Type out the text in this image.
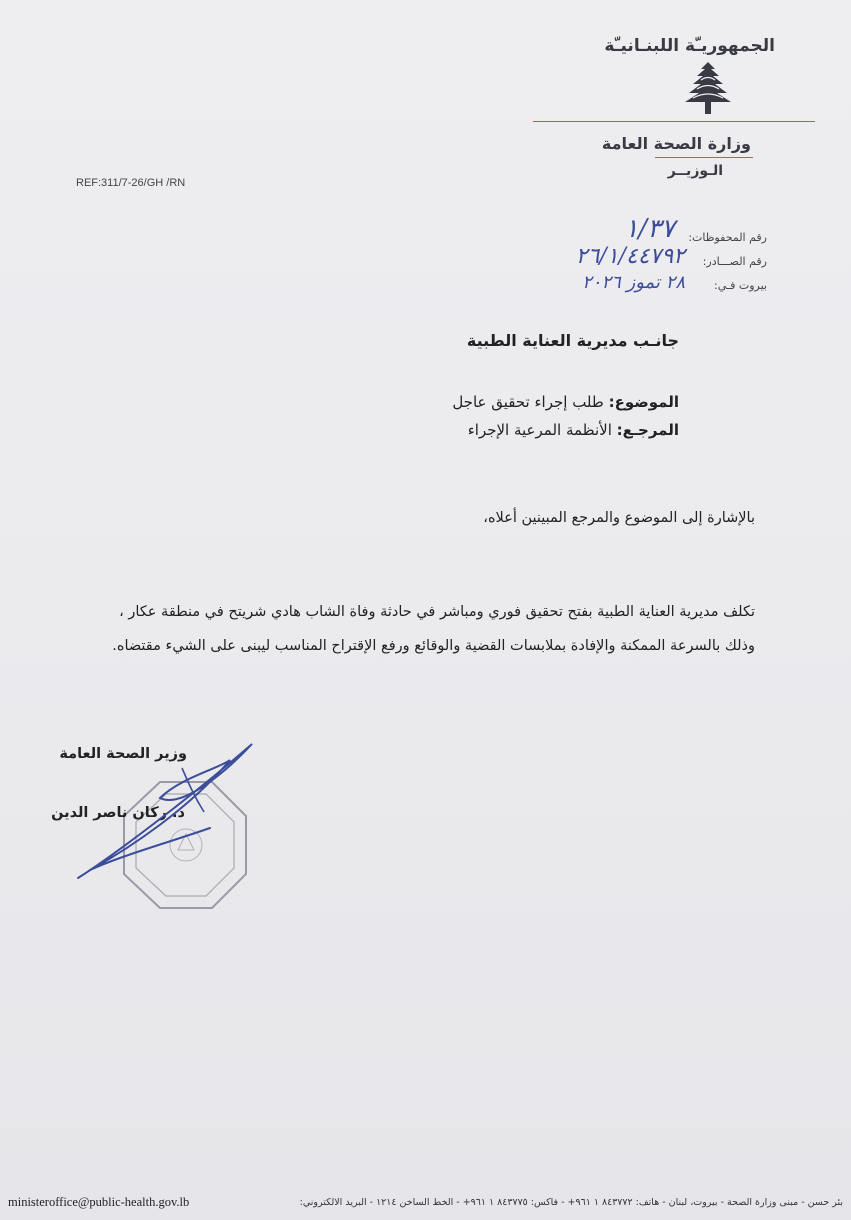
الجمهوريـّة اللبنـانيـّة
وزارة الصحة العامة
الـوزيــر
REF:311/7-26/GH /RN
رقم المحفوظات:
١/٣٧
رقم الصـــادر:
٢٦/١/٤٤٧٩٢
بيروت فـي:
٢٨ تموز ٢٠٢٦
جانـب مديرية العناية الطبية
الموضوع: طلب إجراء تحقيق عاجل
المرجـع: الأنظمة المرعية الإجراء
بالإشارة إلى الموضوع والمرجع المبينين أعلاه،
تكلف مديرية العناية الطبية بفتح تحقيق فوري ومباشر في حادثة وفاة الشاب هادي شريتح في منطقة عكار ،
وذلك بالسرعة الممكنة والإفادة بملابسات القضية والوقائع ورفع الإقتراح المناسب ليبنى على الشيء مقتضاه.
وزير الصحة العامة
د. ركان ناصر الدين
ministeroffice@public-health.gov.lb	بئر حسن - مبنى وزارة الصحة - بيروت، لبنان - هاتف: ٨٤٣٧٧٢ ١ ٩٦١+ - فاكس: ٨٤٣٧٧٥ ١ ٩٦١+ - الخط الساخن ١٢١٤ - البريد الالكتروني:
